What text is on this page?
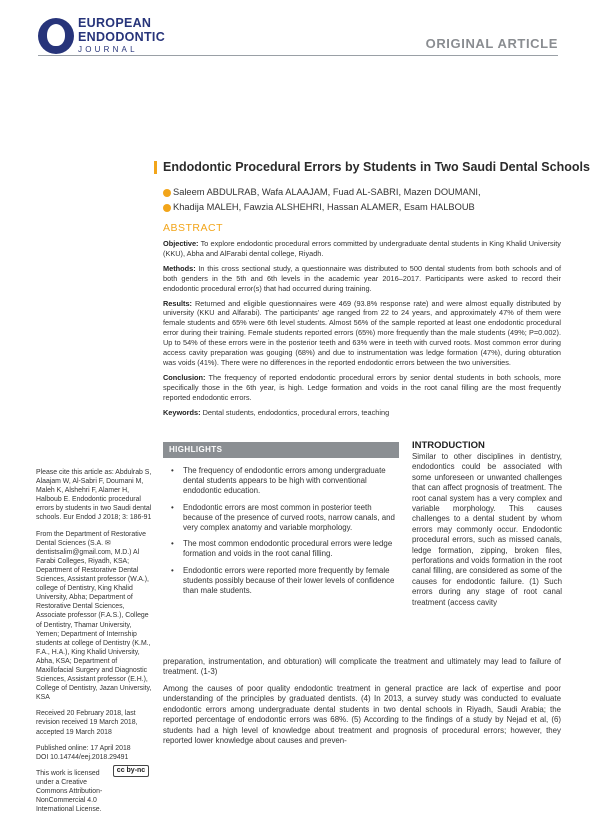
EUROPEAN
ENDODONTIC
JOURNAL	ORIGINAL ARTICLE
Endodontic Procedural Errors by Students in Two Saudi Dental Schools
Saleem ABDULRAB, Wafa ALAAJAM, Fuad AL-SABRI, Mazen DOUMANI,
Khadija MALEH, Fawzia ALSHEHRI, Hassan ALAMER, Esam HALBOUB
ABSTRACT

Objective: To explore endodontic procedural errors committed by undergraduate dental students in King Khalid University (KKU), Abha and AlFarabi dental college, Riyadh.

Methods: In this cross sectional study, a questionnaire was distributed to 500 dental students from both schools and of both genders in the 5th and 6th levels in the academic year 2016–2017. Participants were asked to record their endodontic procedural error(s) that had occurred during training.

Results: Returned and eligible questionnaires were 469 (93.8% response rate) and were almost equally distributed by university (KKU and Alfarabi). The participants' age ranged from 22 to 24 years, and approximately 47% of them were female students and 65% were 6th level students. Almost 56% of the sample reported at least one endodontic procedural error during their training. Female students reported errors (65%) more frequently than the male students (49%; P=0.002). Up to 54% of these errors were in the posterior teeth and 63% were in teeth with curved roots. Most common error during access cavity preparation was gouging (68%) and due to instrumentation was ledge formation (47%), during obturation was voids (41%). There were no differences in the reported endodontic errors between the two universities.

Conclusion: The frequency of reported endodontic procedural errors by senior dental students in both schools, more specifically those in the 6th year, is high. Ledge formation and voids in the root canal filling are the most frequently reported endodontic errors.

Keywords: Dental students, endodontics, procedural errors, teaching

Please cite this article as: Abdulrab S, Alaajam W, Al-Sabri F, Doumani M, Maleh K, Alshehri F, Alamer H, Halboub E. Endodontic procedural errors by students in two Saudi dental schools. Eur Endod J 2018; 3: 186-91

From the Department of Restorative Dental Sciences (S.A. ✉ dentistsalim@gmail.com, M.D.) Al Farabi Colleges, Riyadh, KSA; Department of Restorative Dental Sciences, Assistant professor (W.A.), college of Dentistry, King Khalid University, Abha; Department of Restorative Dental Sciences, Associate professor (F.A.S.), College of Dentistry, Thamar University, Yemen; Department of Internship students at college of Dentistry (K.M., F.A., H.A.), King Khalid University, Abha, KSA; Department of Maxillofacial Surgery and Diagnostic Sciences, Assistant professor (E.H.), College of Dentistry, Jazan University, KSA

Received 20 February 2018, last revision received 19 March 2018, accepted 19 March 2018

Published online: 17 April 2018

DOI 10.14744/eej.2018.29491

This work is licensed under a Creative Commons Attribution-NonCommercial 4.0 International License.

cc by-nc
HIGHLIGHTS
• The frequency of endodontic errors among undergraduate dental students appears to be high with conventional endodontic education.
• Endodontic errors are most common in posterior teeth because of the presence of curved roots, narrow canals, and very complex anatomy and variable morphology.
• The most common endodontic procedural errors were ledge formation and voids in the root canal filling.
• Endodontic errors were reported more frequently by female students possibly because of their lower levels of confidence than male students.
INTRODUCTION
Similar to other disciplines in dentistry, endodontics could be associated with some unforeseen or unwanted challenges that can affect prognosis of treatment. The root canal system has a very complex and variable morphology. This causes challenges to a dental student by whom errors may commonly occur. Endodontic procedural errors, such as missed canals, ledge formation, zipping, broken files, perforations and voids formation in the root canal filling, are considered as some of the causes for endodontic failure. (1) Such errors during any stage of root canal treatment (access cavity
preparation, instrumentation, and obturation) will complicate the treatment and ultimately may lead to failure of treatment. (1-3)
Among the causes of poor quality endodontic treatment in general practice are lack of expertise and poor understanding of the principles by graduated dentists. (4) In 2013, a survey study was conducted to evaluate endodontic errors among undergraduate dental students in two dental schools in Riyadh, Saudi Arabia; the reported percentage of endodontic errors was 68%. (5) According to the findings of a study by Nejad et al, (6) students had a high level of knowledge about treatment and prognosis of procedural errors; however, they reported lower knowledge about causes and preven-
